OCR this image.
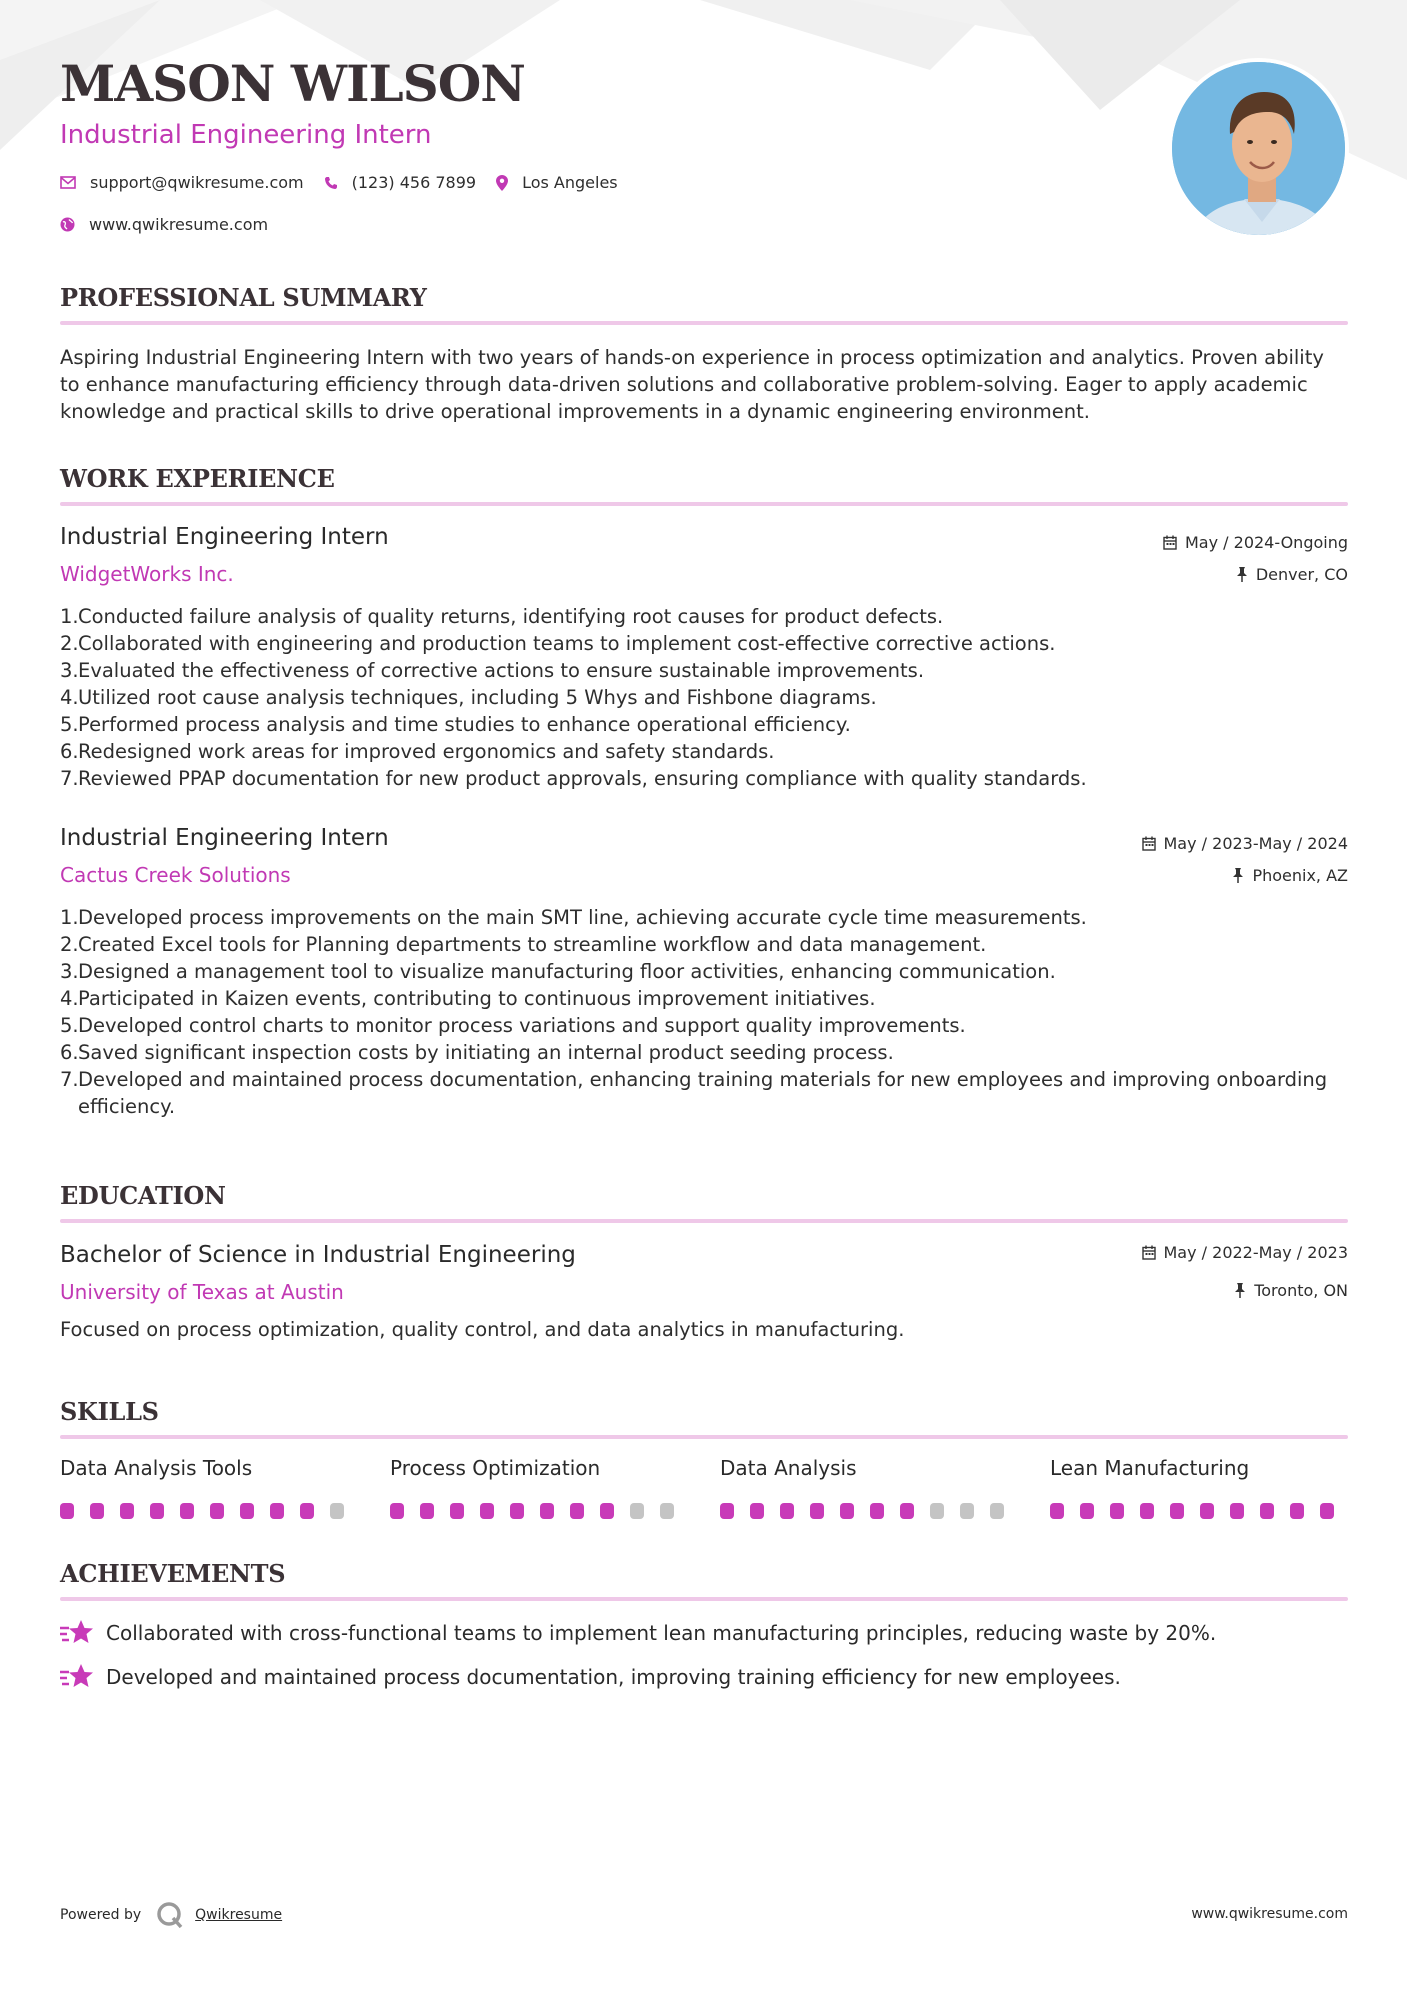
MASON WILSON
Industrial Engineering Intern
support@qwikresume.com	(123) 456 7899	Los Angeles
www.qwikresume.com
PROFESSIONAL SUMMARY
Aspiring Industrial Engineering Intern with two years of hands-on experience in process optimization and analytics. Proven ability to enhance manufacturing efficiency through data-driven solutions and collaborative problem-solving. Eager to apply academic knowledge and practical skills to drive operational improvements in a dynamic engineering environment.
WORK EXPERIENCE
Industrial Engineering Intern	May / 2024-Ongoing
WidgetWorks Inc.	Denver, CO
1. Conducted failure analysis of quality returns, identifying root causes for product defects.
2. Collaborated with engineering and production teams to implement cost-effective corrective actions.
3. Evaluated the effectiveness of corrective actions to ensure sustainable improvements.
4. Utilized root cause analysis techniques, including 5 Whys and Fishbone diagrams.
5. Performed process analysis and time studies to enhance operational efficiency.
6. Redesigned work areas for improved ergonomics and safety standards.
7. Reviewed PPAP documentation for new product approvals, ensuring compliance with quality standards.
Industrial Engineering Intern	May / 2023-May / 2024
Cactus Creek Solutions	Phoenix, AZ
1. Developed process improvements on the main SMT line, achieving accurate cycle time measurements.
2. Created Excel tools for Planning departments to streamline workflow and data management.
3. Designed a management tool to visualize manufacturing floor activities, enhancing communication.
4. Participated in Kaizen events, contributing to continuous improvement initiatives.
5. Developed control charts to monitor process variations and support quality improvements.
6. Saved significant inspection costs by initiating an internal product seeding process.
7. Developed and maintained process documentation, enhancing training materials for new employees and improving onboarding efficiency.
EDUCATION
Bachelor of Science in Industrial Engineering	May / 2022-May / 2023
University of Texas at Austin	Toronto, ON
Focused on process optimization, quality control, and data analytics in manufacturing.
SKILLS
Data Analysis Tools	Process Optimization	Data Analysis	Lean Manufacturing
ACHIEVEMENTS
Collaborated with cross-functional teams to implement lean manufacturing principles, reducing waste by 20%.
Developed and maintained process documentation, improving training efficiency for new employees.
Powered by	Qwikresume	www.qwikresume.com
